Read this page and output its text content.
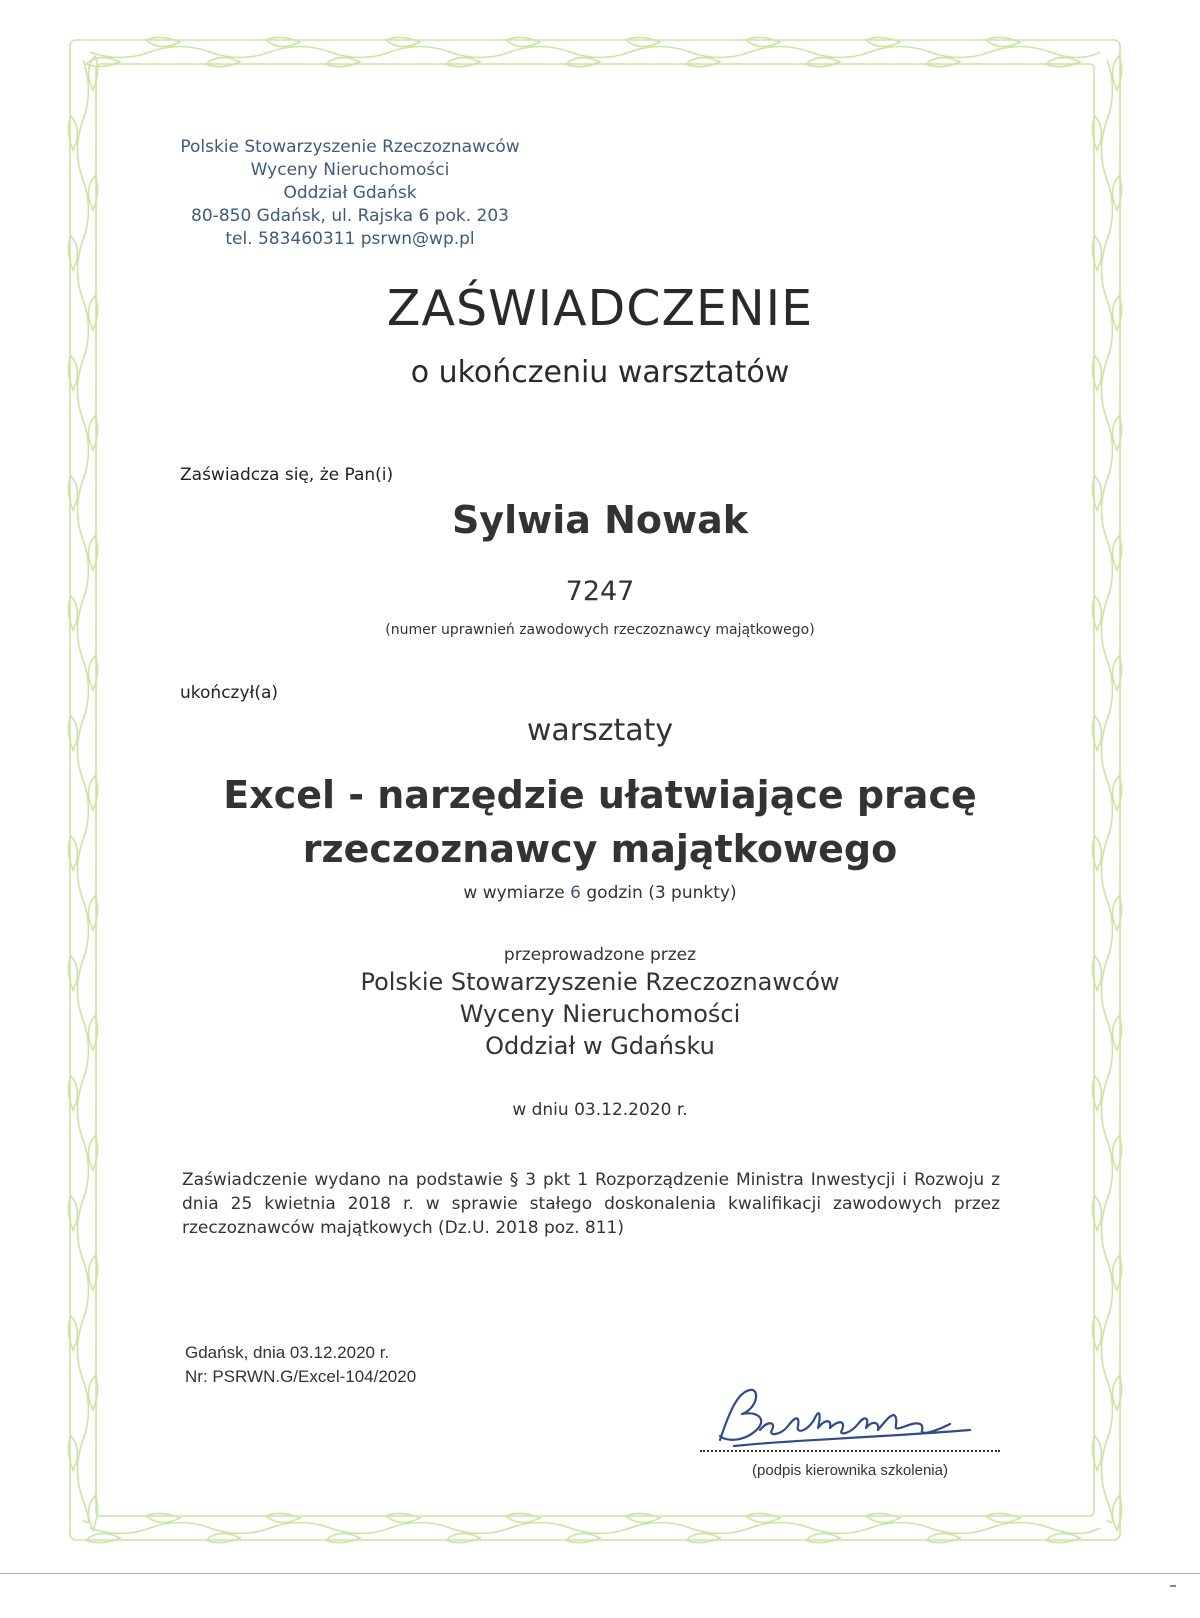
Polskie Stowarzyszenie Rzeczoznawców
Wyceny Nieruchomości
Oddział Gdańsk
80-850 Gdańsk, ul. Rajska 6 pok. 203
tel. 583460311 psrwn@wp.pl
ZAŚWIADCZENIE
o ukończeniu warsztatów
Zaświadcza się, że Pan(i)
Sylwia Nowak
7247
(numer uprawnień zawodowych rzeczoznawcy majątkowego)
ukończył(a)
warsztaty
Excel - narzędzie ułatwiające pracę
rzeczoznawcy majątkowego
w wymiarze 6 godzin (3 punkty)
przeprowadzone przez
Polskie Stowarzyszenie Rzeczoznawców
Wyceny Nieruchomości
Oddział w Gdańsku
w dniu 03.12.2020 r.
Zaświadczenie wydano na podstawie § 3 pkt 1 Rozporządzenie Ministra Inwestycji i Rozwoju z dnia 25 kwietnia 2018 r. w sprawie stałego doskonalenia kwalifikacji zawodowych przez rzeczoznawców majątkowych (Dz.U. 2018 poz. 811)
Gdańsk, dnia 03.12.2020 r.
Nr: PSRWN.G/Excel-104/2020
(podpis kierownika szkolenia)
